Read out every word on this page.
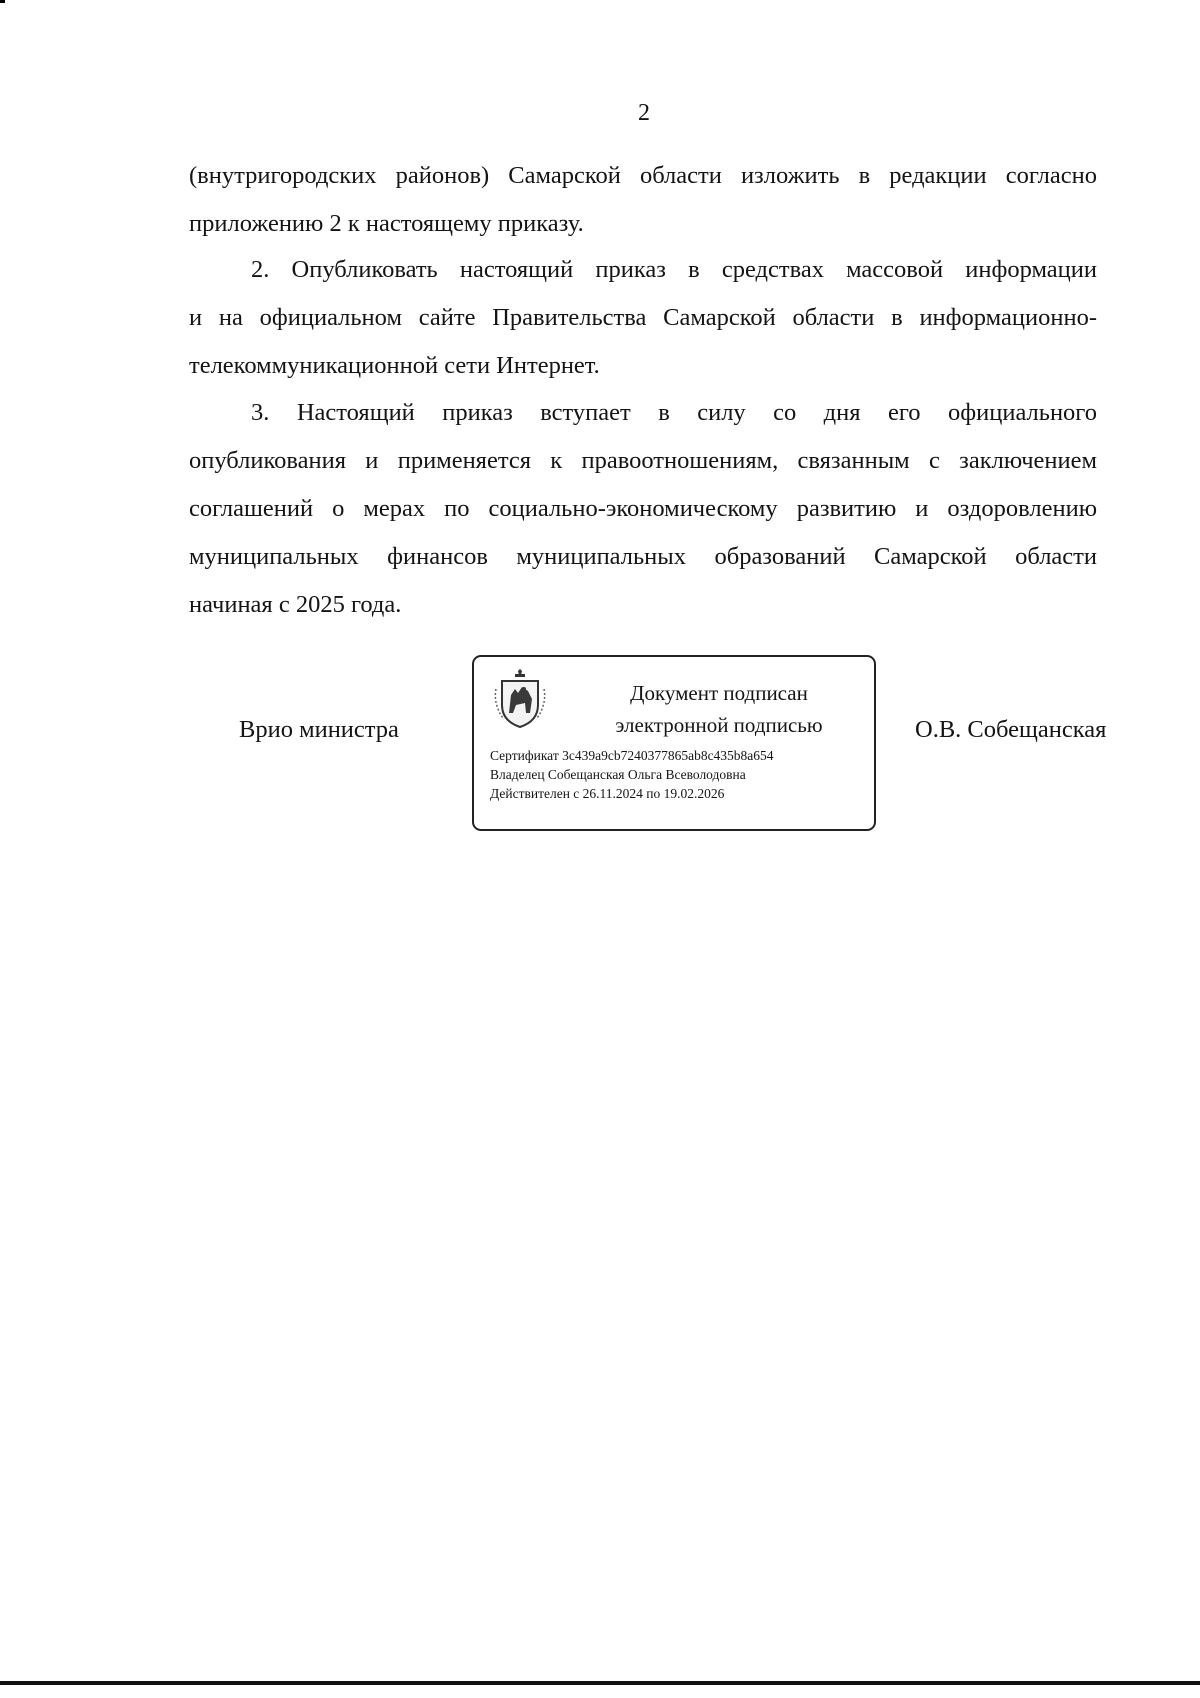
2

(внутригородских районов) Самарской области изложить в редакции согласно

приложению 2 к настоящему приказу.

2. Опубликовать настоящий приказ в средствах массовой информации

и на официальном сайте Правительства Самарской области в информационно-

телекоммуникационной сети Интернет.

3. Настоящий приказ вступает в силу со дня его официального

опубликования и применяется к правоотношениям, связанным с заключением

соглашений о мерах по социально-экономическому развитию и оздоровлению

муниципальных финансов муниципальных образований Самарской области

начиная с 2025 года.

Врио министра
Документ подписан
электронной подписью
Сертификат 3c439a9cb7240377865ab8c435b8a654
Владелец Собещанская Ольга Всеволодовна
Действителен с 26.11.2024 по 19.02.2026
О.В. Собещанская
